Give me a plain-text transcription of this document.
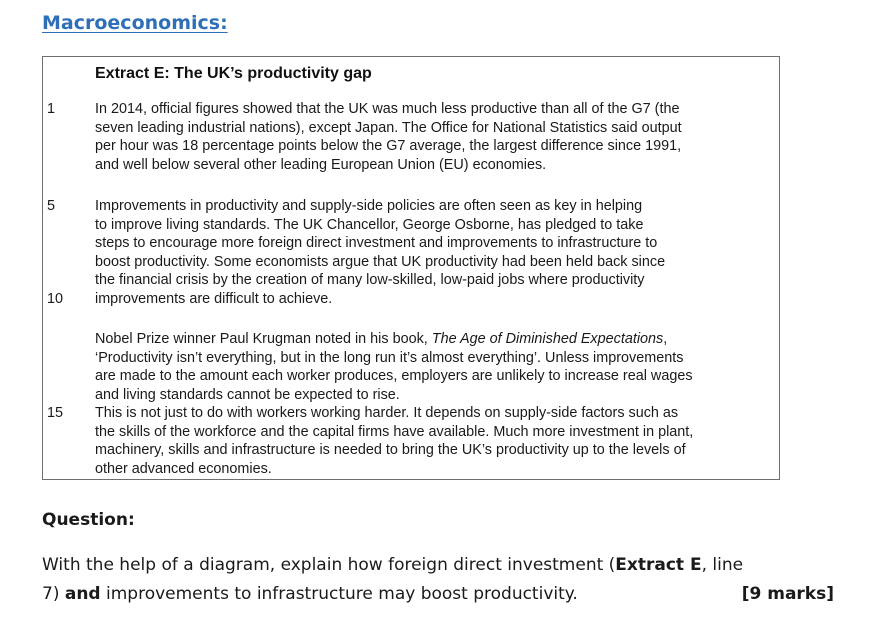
Macroeconomics:
Extract E: The UK’s productivity gap
1
5
10
15
In 2014, official figures showed that the UK was much less productive than all of the G7 (the
seven leading industrial nations), except Japan. The Office for National Statistics said output
per hour was 18 percentage points below the G7 average, the largest difference since 1991,
and well below several other leading European Union (EU) economies.
Improvements in productivity and supply-side policies are often seen as key in helping
to improve living standards. The UK Chancellor, George Osborne, has pledged to take
steps to encourage more foreign direct investment and improvements to infrastructure to
boost productivity. Some economists argue that UK productivity had been held back since
the financial crisis by the creation of many low-skilled, low-paid jobs where productivity
improvements are difficult to achieve.
Nobel Prize winner Paul Krugman noted in his book, The Age of Diminished Expectations,
‘Productivity isn’t everything, but in the long run it’s almost everything’. Unless improvements
are made to the amount each worker produces, employers are unlikely to increase real wages
and living standards cannot be expected to rise.
This is not just to do with workers working harder. It depends on supply-side factors such as
the skills of the workforce and the capital firms have available. Much more investment in plant,
machinery, skills and infrastructure is needed to bring the UK’s productivity up to the levels of
other advanced economies.
Question:

With the help of a diagram, explain how foreign direct investment (Extract E, line

7) and improvements to infrastructure may boost productivity.	[9 marks]
